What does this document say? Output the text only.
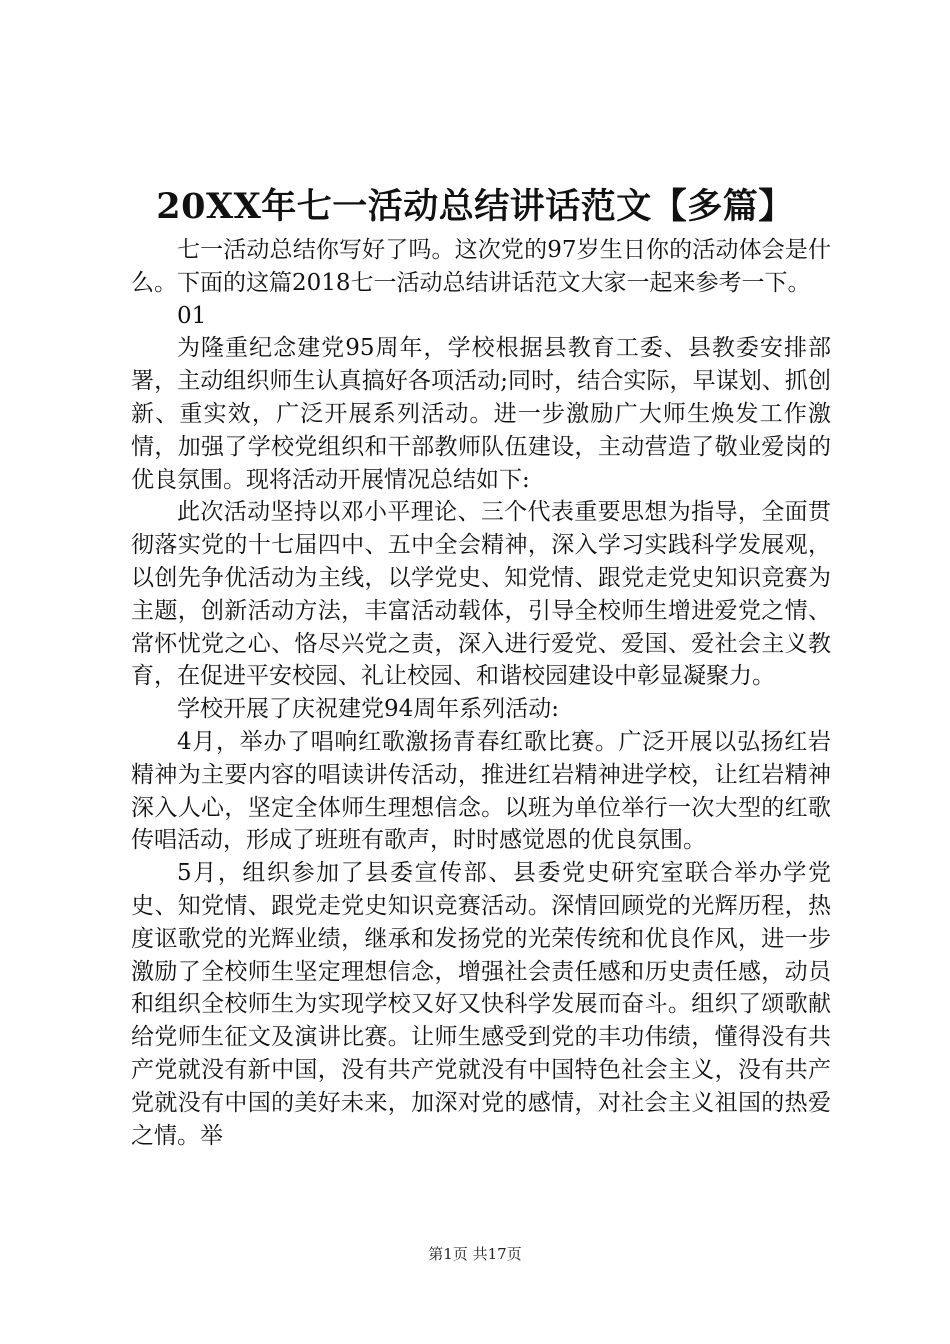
20XX年七一活动总结讲话范文【多篇】

七一活动总结你写好了吗。这次党的97岁生日你的活动体会是什么。下面的这篇2018七一活动总结讲话范文大家一起来参考一下。

01

为隆重纪念建党95周年，学校根据县教育工委、县教委安排部署，主动组织师生认真搞好各项活动;同时，结合实际，早谋划、抓创新、重实效，广泛开展系列活动。进一步激励广大师生焕发工作激情，加强了学校党组织和干部教师队伍建设，主动营造了敬业爱岗的优良氛围。现将活动开展情况总结如下:

此次活动坚持以邓小平理论、三个代表重要思想为指导，全面贯彻落实党的十七届四中、五中全会精神，深入学习实践科学发展观，以创先争优活动为主线，以学党史、知党情、跟党走党史知识竞赛为主题，创新活动方法，丰富活动载体，引导全校师生增进爱党之情、常怀忧党之心、恪尽兴党之责，深入进行爱党、爱国、爱社会主义教育，在促进平安校园、礼让校园、和谐校园建设中彰显凝聚力。

学校开展了庆祝建党94周年系列活动:

4月，举办了唱响红歌激扬青春红歌比赛。广泛开展以弘扬红岩精神为主要内容的唱读讲传活动，推进红岩精神进学校，让红岩精神深入人心，坚定全体师生理想信念。以班为单位举行一次大型的红歌传唱活动，形成了班班有歌声，时时感觉恩的优良氛围。

5月，组织参加了县委宣传部、县委党史研究室联合举办学党史、知党情、跟党走党史知识竞赛活动。深情回顾党的光辉历程，热度讴歌党的光辉业绩，继承和发扬党的光荣传统和优良作风，进一步激励了全校师生坚定理想信念，增强社会责任感和历史责任感，动员和组织全校师生为实现学校又好又快科学发展而奋斗。组织了颂歌献给党师生征文及演讲比赛。让师生感受到党的丰功伟绩，懂得没有共产党就没有新中国，没有共产党就没有中国特色社会主义，没有共产党就没有中国的美好未来，加深对党的感情，对社会主义祖国的热爱之情。举

第1页 共17页
